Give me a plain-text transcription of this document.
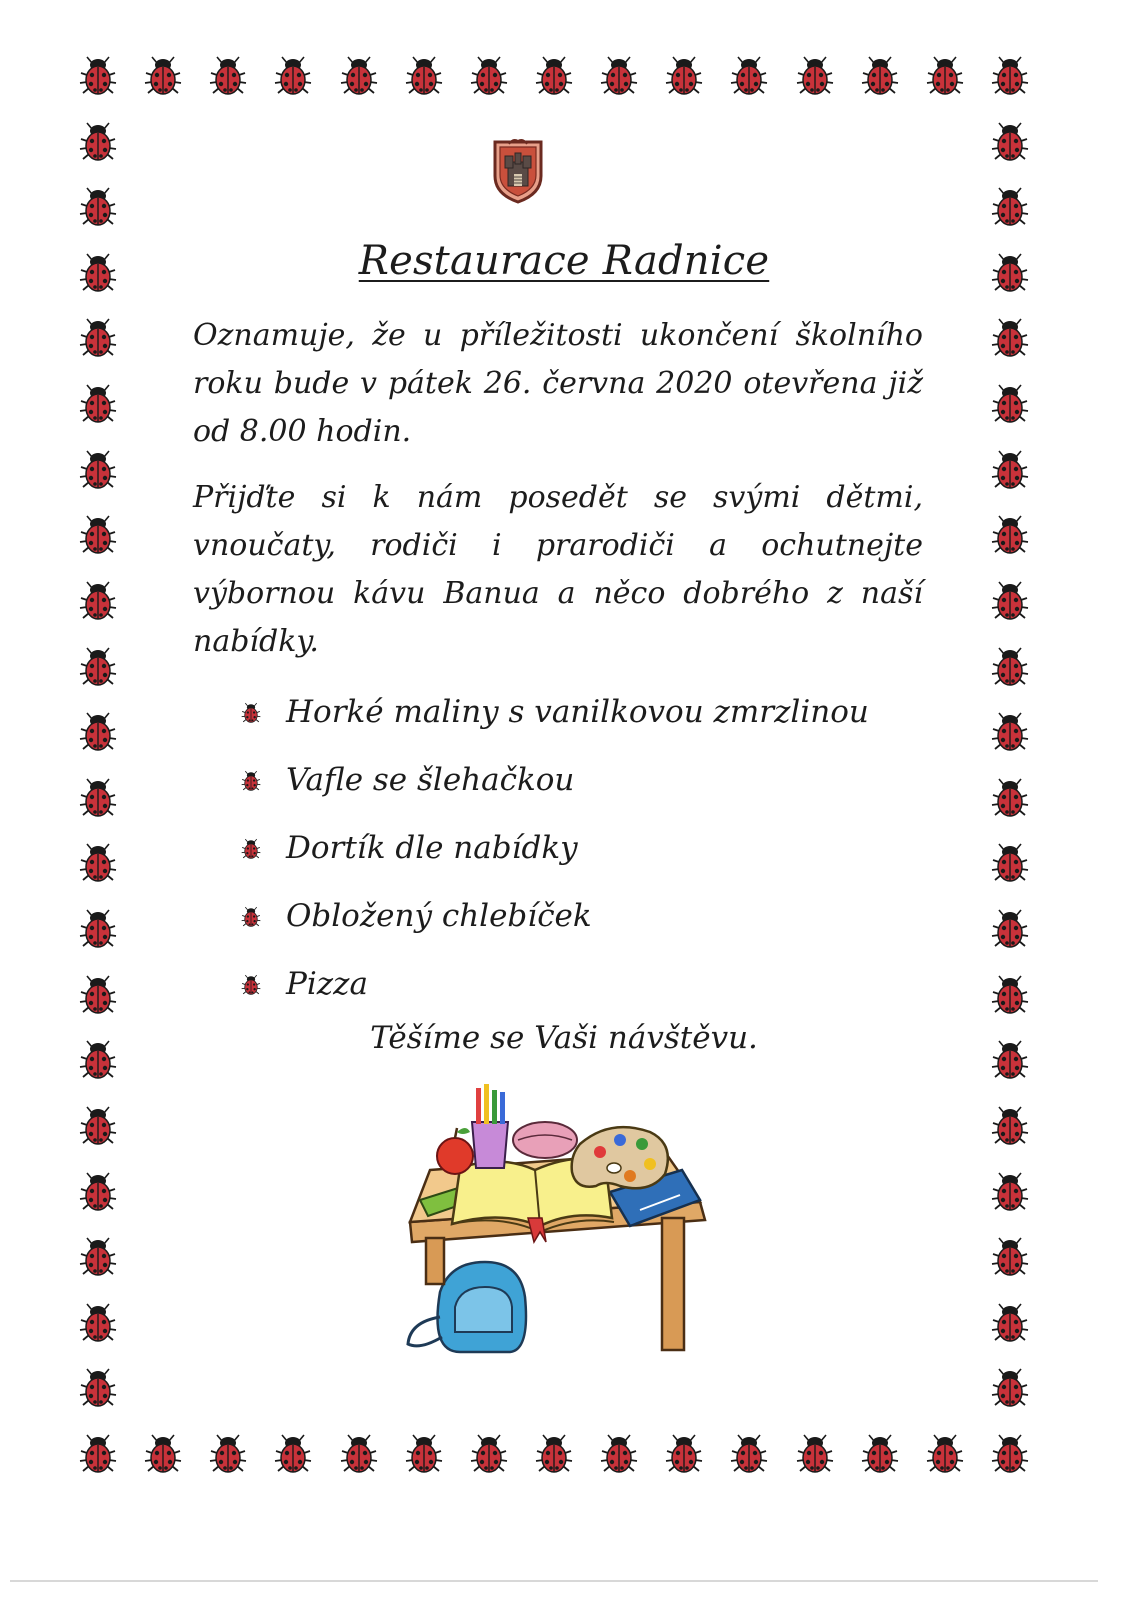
Restaurace Radnice

Oznamuje, že u příležitosti ukončení školního roku bude v pátek 26. června 2020 otevřena již od 8.00 hodin.

Přijďte si k nám posedět se svými dětmi, vnoučaty, rodiči i prarodiči a ochutnejte výbornou kávu Banua a něco dobrého z naší nabídky.

Horké maliny s vanilkovou zmrzlinou
Vafle se šlehačkou
Dortík dle nabídky
Obložený chlebíček
Pizza

Těšíme se Vaši návštěvu.
